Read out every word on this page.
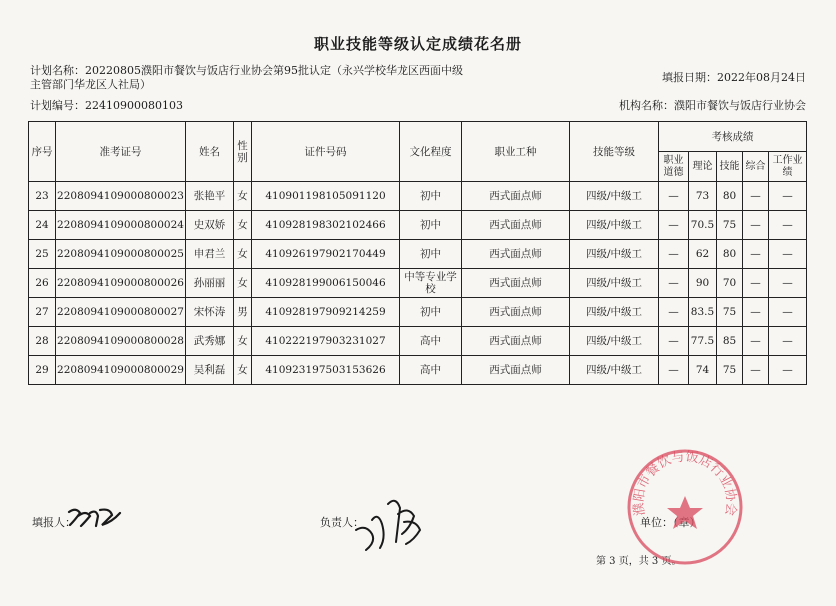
职业技能等级认定成绩花名册
计划名称：20220805濮阳市餐饮与饭店行业协会第95批认定（永兴学校华龙区西面中级主管部门华龙区人社局）
填报日期：2022年08月24日
计划编号：22410900080103	机构名称：濮阳市餐饮与饭店行业协会
序号	准考证号	姓名	性别	证件号码	文化程度	职业工种	技能等级	考核成绩				
								职业道德	理论	技能	综合	工作业绩
23	2208094109000800023	张艳平	女	410901198105091120	初中	西式面点师	四级/中级工	—	73	80	—	—
24	2208094109000800024	史双娇	女	410928198302102466	初中	西式面点师	四级/中级工	—	70.5	75	—	—
25	2208094109000800025	申君兰	女	410926197902170449	初中	西式面点师	四级/中级工	—	62	80	—	—
26	2208094109000800026	孙丽丽	女	410928199006150046	中等专业学校	西式面点师	四级/中级工	—	90	70	—	—
27	2208094109000800027	宋怀涛	男	410928197909214259	初中	西式面点师	四级/中级工	—	83.5	75	—	—
28	2208094109000800028	武秀娜	女	410222197903231027	高中	西式面点师	四级/中级工	—	77.5	85	—	—
29	2208094109000800029	吴利磊	女	410923197503153626	高中	西式面点师	四级/中级工	—	74	75	—	—
填报人：	负责人：	单位：（章）
第 3 页，共 3 页。
濮阳市餐饮与饭店行业协会
